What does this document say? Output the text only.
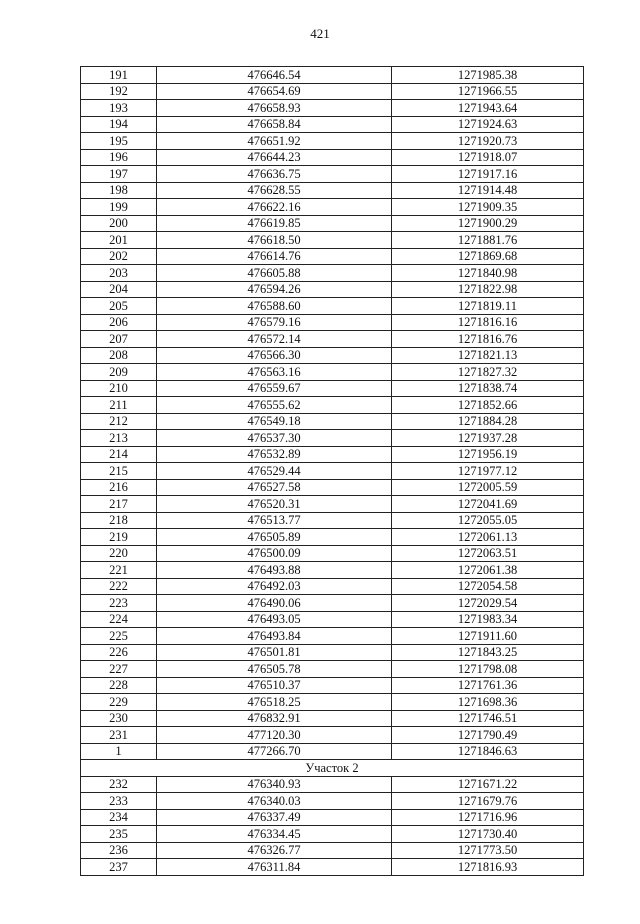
421
191	476646.54	1271985.38
192	476654.69	1271966.55
193	476658.93	1271943.64
194	476658.84	1271924.63
195	476651.92	1271920.73
196	476644.23	1271918.07
197	476636.75	1271917.16
198	476628.55	1271914.48
199	476622.16	1271909.35
200	476619.85	1271900.29
201	476618.50	1271881.76
202	476614.76	1271869.68
203	476605.88	1271840.98
204	476594.26	1271822.98
205	476588.60	1271819.11
206	476579.16	1271816.16
207	476572.14	1271816.76
208	476566.30	1271821.13
209	476563.16	1271827.32
210	476559.67	1271838.74
211	476555.62	1271852.66
212	476549.18	1271884.28
213	476537.30	1271937.28
214	476532.89	1271956.19
215	476529.44	1271977.12
216	476527.58	1272005.59
217	476520.31	1272041.69
218	476513.77	1272055.05
219	476505.89	1272061.13
220	476500.09	1272063.51
221	476493.88	1272061.38
222	476492.03	1272054.58
223	476490.06	1272029.54
224	476493.05	1271983.34
225	476493.84	1271911.60
226	476501.81	1271843.25
227	476505.78	1271798.08
228	476510.37	1271761.36
229	476518.25	1271698.36
230	476832.91	1271746.51
231	477120.30	1271790.49
1	477266.70	1271846.63
Участок 2		
232	476340.93	1271671.22
233	476340.03	1271679.76
234	476337.49	1271716.96
235	476334.45	1271730.40
236	476326.77	1271773.50
237	476311.84	1271816.93
